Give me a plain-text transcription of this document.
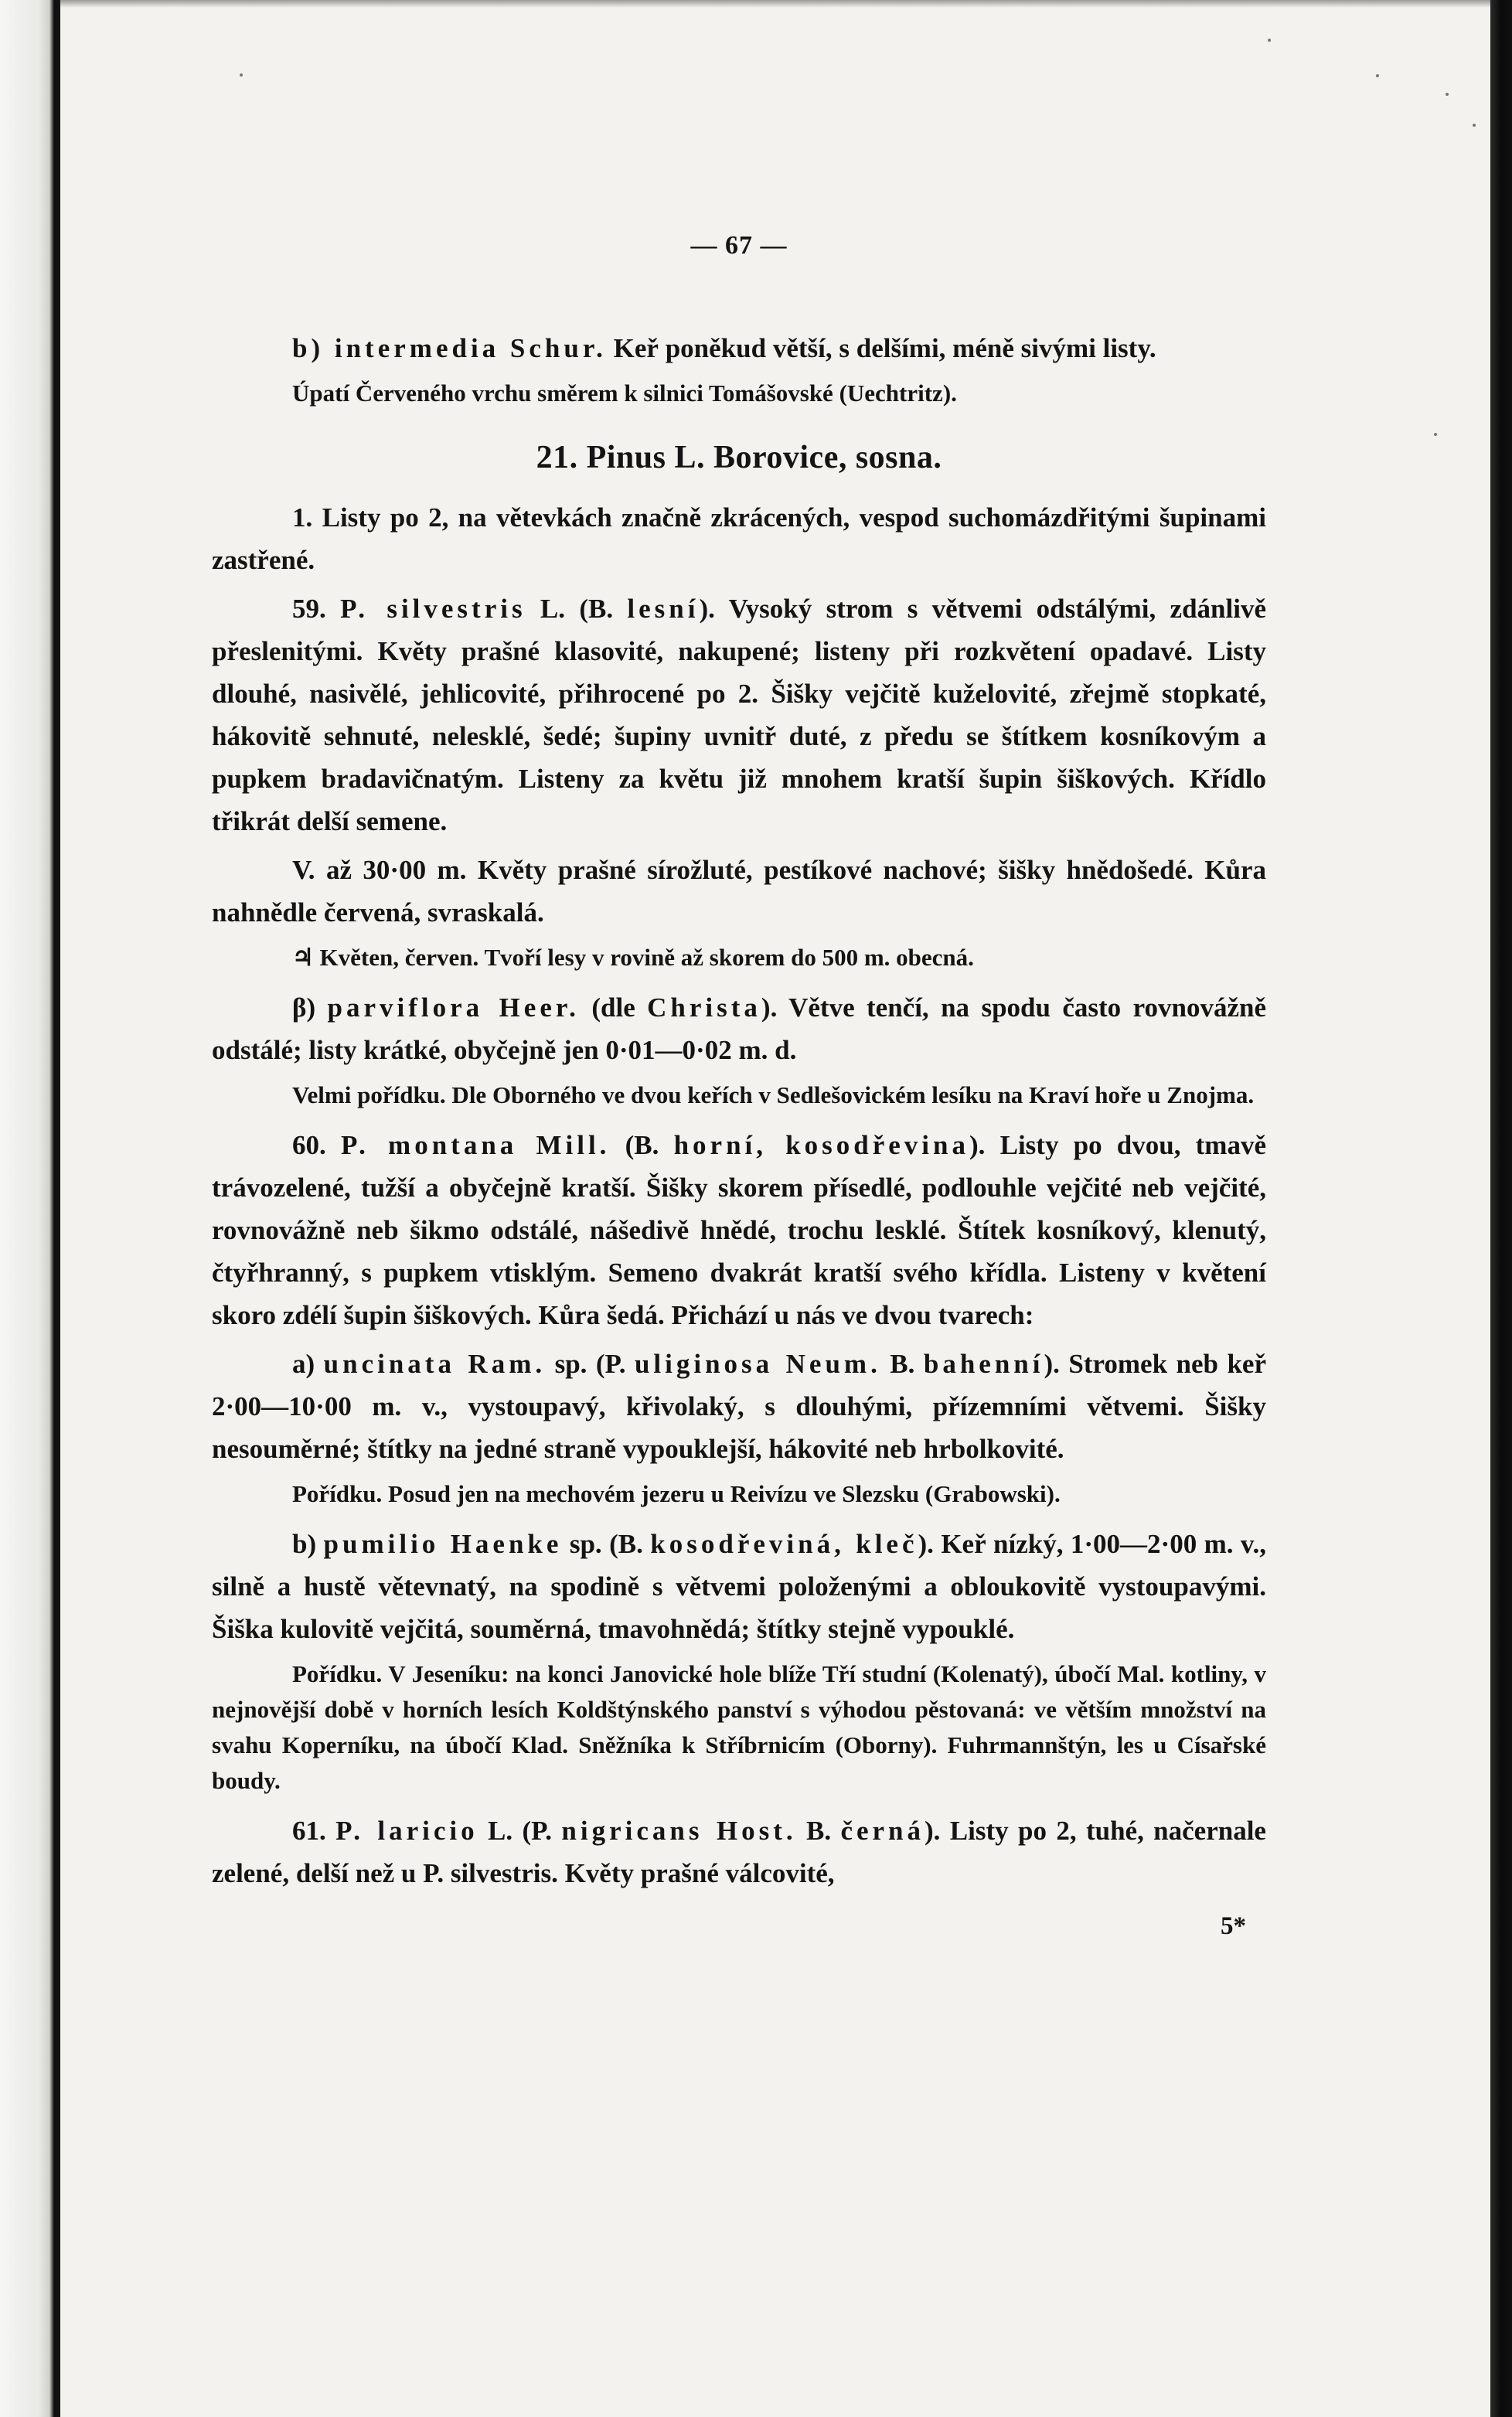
— 67 —
b) intermedia Schur. Keř poněkud větší, s delšími, méně sivými listy.
Úpatí Červeného vrchu směrem k silnici Tomášovské (Uechtritz).
21. Pinus L. Borovice, sosna.
1. Listy po 2, na větevkách značně zkrácených, vespod suchomázdřitými šupinami zastřené.
59. P. silvestris L. (B. lesní). Vysoký strom s větvemi odstálými, zdánlivě přeslenitými. Květy prašné klasovité, nakupené; listeny při rozkvětení opadavé. Listy dlouhé, nasivělé, jehlicovité, přihrocené po 2. Šišky vejčitě kuželovité, zřejmě stopkaté, hákovitě sehnuté, nelesklé, šedé; šupiny uvnitř duté, z předu se štítkem kosníkovým a pupkem bradavičnatým. Listeny za květu již mnohem kratší šupin šiškových. Křídlo třikrát delší semene.
V. až 30·00 m. Květy prašné sírožluté, pestíkové nachové; šišky hnědošedé. Kůra nahnědle červená, svraskalá.
♃ Květen, červen. Tvoří lesy v rovině až skorem do 500 m. obecná.
β) parviflora Heer. (dle Christa). Větve tenčí, na spodu často rovnovážně odstálé; listy krátké, obyčejně jen 0·01—0·02 m. d.
Velmi pořídku. Dle Oborného ve dvou keřích v Sedlešovickém lesíku na Kraví hoře u Znojma.
60. P. montana Mill. (B. horní, kosodřevina). Listy po dvou, tmavě trávozelené, tužší a obyčejně kratší. Šišky skorem přísedlé, podlouhle vejčité neb vejčité, rovnovážně neb šikmo odstálé, nášedivě hnědé, trochu lesklé. Štítek kosníkový, klenutý, čtyřhranný, s pupkem vtisklým. Semeno dvakrát kratší svého křídla. Listeny v květení skoro zdélí šupin šiškových. Kůra šedá. Přichází u nás ve dvou tvarech:
a) uncinata Ram. sp. (P. uliginosa Neum. B. bahenní). Stromek neb keř 2·00—10·00 m. v., vystoupavý, křivolaký, s dlouhými, přízemními větvemi. Šišky nesouměrné; štítky na jedné straně vypouklejší, hákovité neb hrbolkovité.
Pořídku. Posud jen na mechovém jezeru u Reivízu ve Slezsku (Grabowski).
b) pumilio Haenke sp. (B. kosodřeviná, kleč). Keř nízký, 1·00—2·00 m. v., silně a hustě větevnatý, na spodině s větvemi položenými a obloukovitě vystoupavými. Šiška kulovitě vejčitá, souměrná, tmavohnědá; štítky stejně vypouklé.
Pořídku. V Jeseníku: na konci Janovické hole blíže Tří studní (Kolenatý), úbočí Mal. kotliny, v nejnovější době v horních lesích Koldštýnského panství s výhodou pěstovaná: ve větším množství na svahu Koperníku, na úbočí Klad. Sněžníka k Stříbrnicím (Oborny). Fuhrmannštýn, les u Císařské boudy.
61. P. laricio L. (P. nigricans Host. B. černá). Listy po 2, tuhé, načernale zelené, delší než u P. silvestris. Květy prašné válcovité,
5*
